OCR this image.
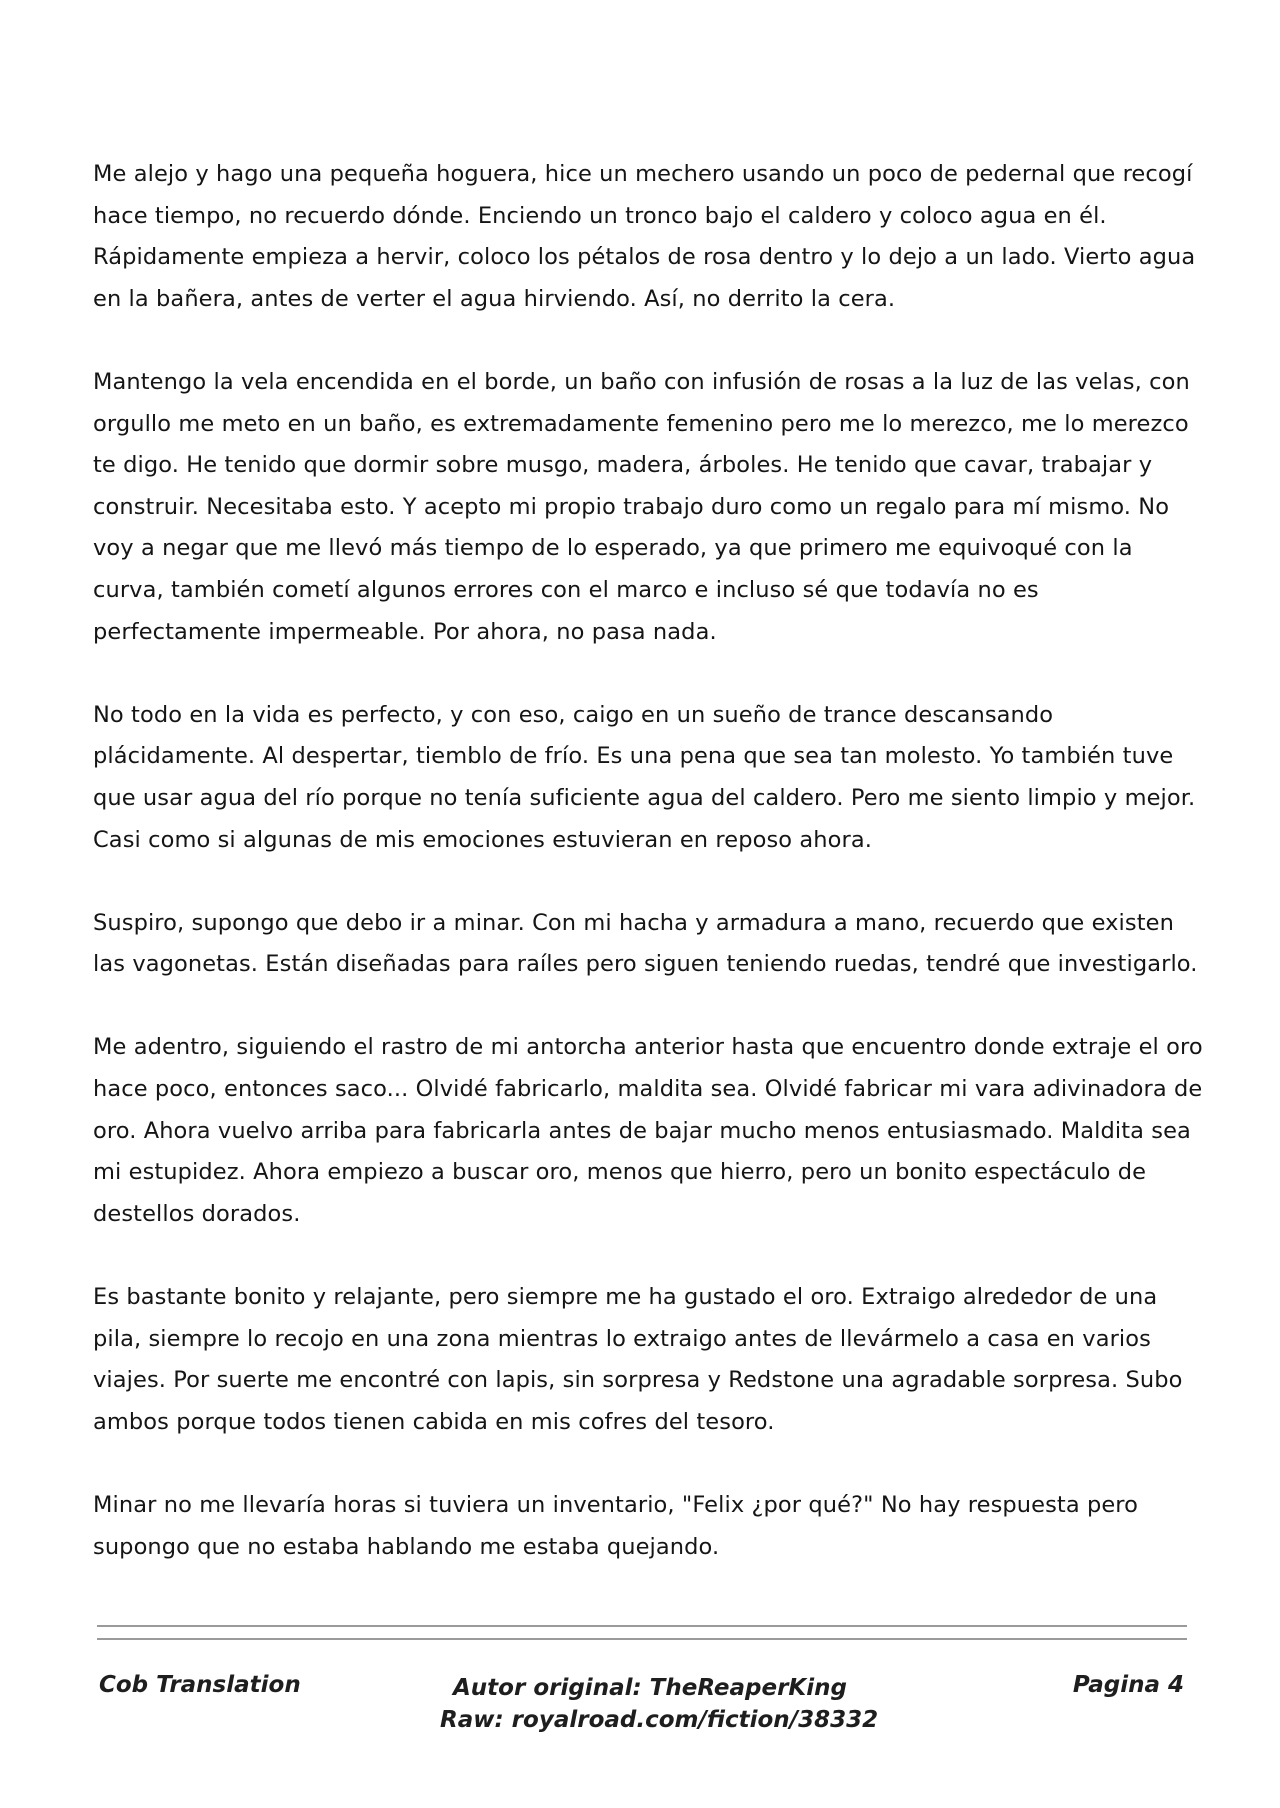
Me alejo y hago una pequeña hoguera, hice un mechero usando un poco de pedernal que recogí hace tiempo, no recuerdo dónde. Enciendo un tronco bajo el caldero y coloco agua en él. Rápidamente empieza a hervir, coloco los pétalos de rosa dentro y lo dejo a un lado. Vierto agua en la bañera, antes de verter el agua hirviendo. Así, no derrito la cera.

Mantengo la vela encendida en el borde, un baño con infusión de rosas a la luz de las velas, con orgullo me meto en un baño, es extremadamente femenino pero me lo merezco, me lo merezco te digo. He tenido que dormir sobre musgo, madera, árboles. He tenido que cavar, trabajar y construir. Necesitaba esto. Y acepto mi propio trabajo duro como un regalo para mí mismo. No voy a negar que me llevó más tiempo de lo esperado, ya que primero me equivoqué con la curva, también cometí algunos errores con el marco e incluso sé que todavía no es perfectamente impermeable. Por ahora, no pasa nada.

No todo en la vida es perfecto, y con eso, caigo en un sueño de trance descansando plácidamente. Al despertar, tiemblo de frío. Es una pena que sea tan molesto. Yo también tuve que usar agua del río porque no tenía suficiente agua del caldero. Pero me siento limpio y mejor. Casi como si algunas de mis emociones estuvieran en reposo ahora.

Suspiro, supongo que debo ir a minar. Con mi hacha y armadura a mano, recuerdo que existen las vagonetas. Están diseñadas para raíles pero siguen teniendo ruedas, tendré que investigarlo.

Me adentro, siguiendo el rastro de mi antorcha anterior hasta que encuentro donde extraje el oro hace poco, entonces saco... Olvidé fabricarlo, maldita sea. Olvidé fabricar mi vara adivinadora de oro. Ahora vuelvo arriba para fabricarla antes de bajar mucho menos entusiasmado. Maldita sea mi estupidez. Ahora empiezo a buscar oro, menos que hierro, pero un bonito espectáculo de destellos dorados.

Es bastante bonito y relajante, pero siempre me ha gustado el oro. Extraigo alrededor de una pila, siempre lo recojo en una zona mientras lo extraigo antes de llevármelo a casa en varios viajes. Por suerte me encontré con lapis, sin sorpresa y Redstone una agradable sorpresa. Subo ambos porque todos tienen cabida en mis cofres del tesoro.

Minar no me llevaría horas si tuviera un inventario, "Felix ¿por qué?" No hay respuesta pero supongo que no estaba hablando me estaba quejando.

Cob Translation	Autor original: TheReaperKing
Raw: royalroad.com/fiction/38332
Pagina 4
